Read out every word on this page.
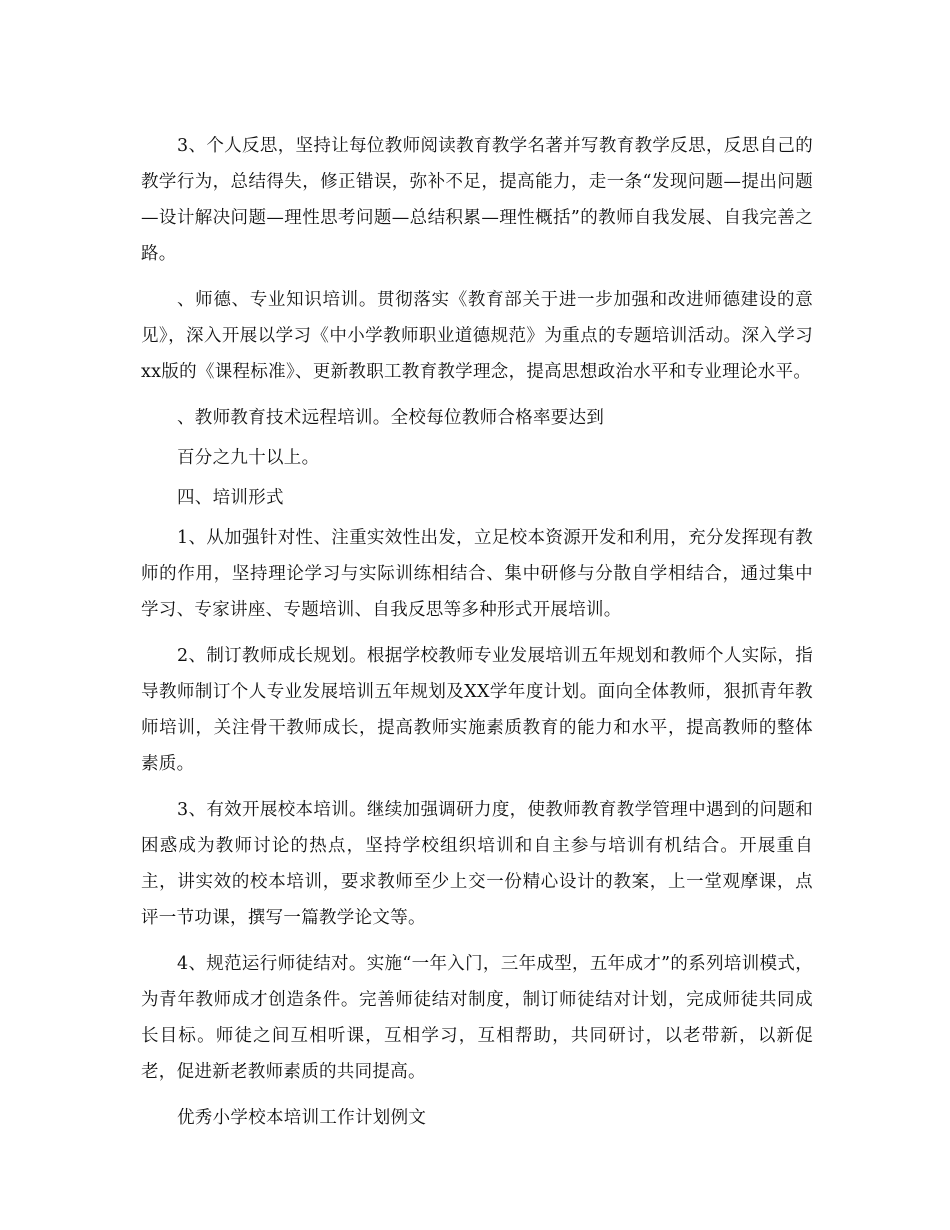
3、个人反思，坚持让每位教师阅读教育教学名著并写教育教学反思，反思自己的教学行为，总结得失，修正错误，弥补不足，提高能力，走一条“发现问题—提出问题—设计解决问题—理性思考问题—总结积累—理性概括”的教师自我发展、自我完善之路。

、师德、专业知识培训。贯彻落实《教育部关于进一步加强和改进师德建设的意见》，深入开展以学习《中小学教师职业道德规范》为重点的专题培训活动。深入学习xx版的《课程标准》、更新教职工教育教学理念，提高思想政治水平和专业理论水平。

、教师教育技术远程培训。全校每位教师合格率要达到

百分之九十以上。

四、培训形式

1、从加强针对性、注重实效性出发，立足校本资源开发和利用，充分发挥现有教师的作用，坚持理论学习与实际训练相结合、集中研修与分散自学相结合，通过集中学习、专家讲座、专题培训、自我反思等多种形式开展培训。

2、制订教师成长规划。根据学校教师专业发展培训五年规划和教师个人实际，指导教师制订个人专业发展培训五年规划及XX学年度计划。面向全体教师，狠抓青年教师培训，关注骨干教师成长，提高教师实施素质教育的能力和水平，提高教师的整体素质。

3、有效开展校本培训。继续加强调研力度，使教师教育教学管理中遇到的问题和困惑成为教师讨论的热点，坚持学校组织培训和自主参与培训有机结合。开展重自主，讲实效的校本培训，要求教师至少上交一份精心设计的教案，上一堂观摩课，点评一节功课，撰写一篇教学论文等。

4、规范运行师徒结对。实施“一年入门，三年成型，五年成才”的系列培训模式，为青年教师成才创造条件。完善师徒结对制度，制订师徒结对计划，完成师徒共同成长目标。师徒之间互相听课，互相学习，互相帮助，共同研讨，以老带新，以新促老，促进新老教师素质的共同提高。

优秀小学校本培训工作计划例文
